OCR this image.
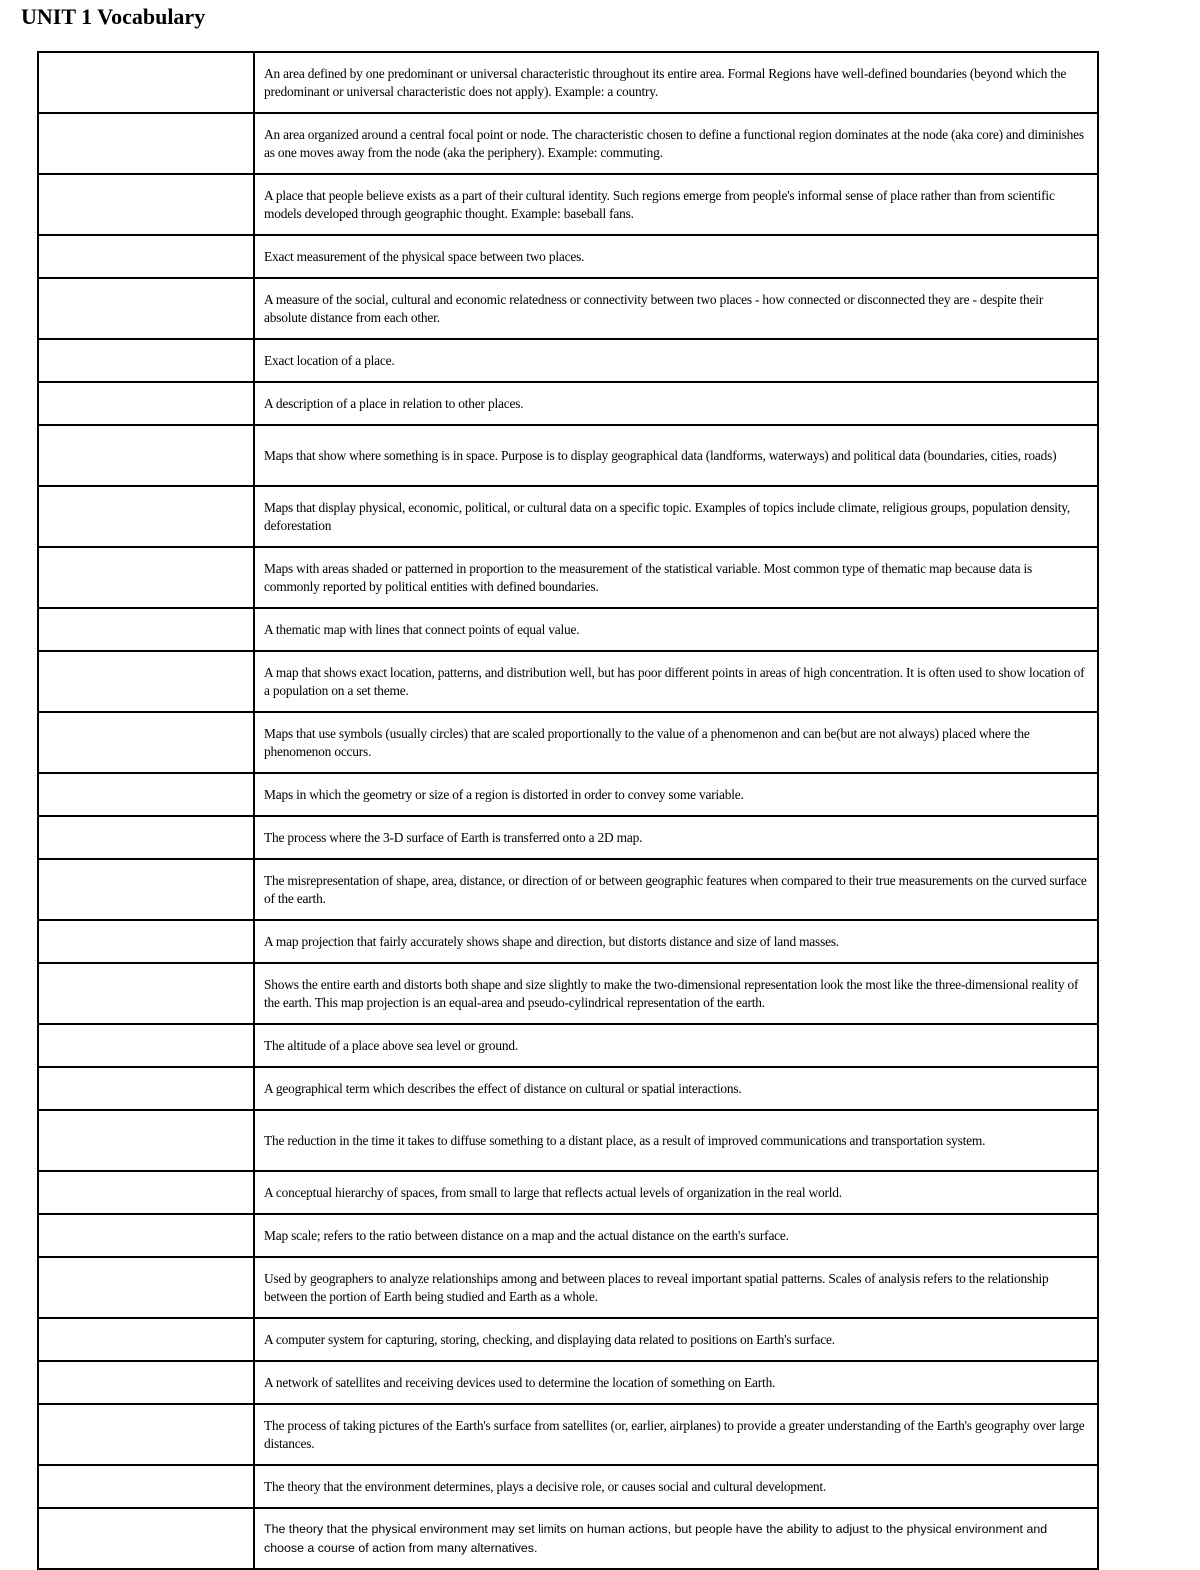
UNIT 1 Vocabulary
	An area defined by one predominant or universal characteristic throughout its entire area. Formal Regions have well-defined boundaries (beyond which the predominant or universal characteristic does not apply). Example: a country.
	An area organized around a central focal point or node. The characteristic chosen to define a functional region dominates at the node (aka core) and diminishes as one moves away from the node (aka the periphery). Example: commuting.
	A place that people believe exists as a part of their cultural identity. Such regions emerge from people's informal sense of place rather than from scientific models developed through geographic thought. Example: baseball fans.
	Exact measurement of the physical space between two places.
	A measure of the social, cultural and economic relatedness or connectivity between two places - how connected or disconnected they are - despite their absolute distance from each other.
	Exact location of a place.
	A description of a place in relation to other places.
	Maps that show where something is in space. Purpose is to display geographical data (landforms, waterways) and political data (boundaries, cities, roads)
	Maps that display physical, economic, political, or cultural data on a specific topic. Examples of topics include climate, religious groups, population density, deforestation
	Maps with areas shaded or patterned in proportion to the measurement of the statistical variable. Most common type of thematic map because data is commonly reported by political entities with defined boundaries.
	A thematic map with lines that connect points of equal value.
	A map that shows exact location, patterns, and distribution well, but has poor different points in areas of high concentration. It is often used to show location of a population on a set theme.
	Maps that use symbols (usually circles) that are scaled proportionally to the value of a phenomenon and can be(but are not always) placed where the phenomenon occurs.
	Maps in which the geometry or size of a region is distorted in order to convey some variable.
	The process where the 3-D surface of Earth is transferred onto a 2D map.
	The misrepresentation of shape, area, distance, or direction of or between geographic features when compared to their true measurements on the curved surface of the earth.
	A map projection that fairly accurately shows shape and direction, but distorts distance and size of land masses.
	Shows the entire earth and distorts both shape and size slightly to make the two-dimensional representation look the most like the three-dimensional reality of the earth. This map projection is an equal-area and pseudo-cylindrical representation of the earth.
	The altitude of a place above sea level or ground.
	A geographical term which describes the effect of distance on cultural or spatial interactions.
	The reduction in the time it takes to diffuse something to a distant place, as a result of improved communications and transportation system.
	A conceptual hierarchy of spaces, from small to large that reflects actual levels of organization in the real world.
	Map scale; refers to the ratio between distance on a map and the actual distance on the earth's surface.
	Used by geographers to analyze relationships among and between places to reveal important spatial patterns. Scales of analysis refers to the relationship between the portion of Earth being studied and Earth as a whole.
	A computer system for capturing, storing, checking, and displaying data related to positions on Earth's surface.
	A network of satellites and receiving devices used to determine the location of something on Earth.
	The process of taking pictures of the Earth's surface from satellites (or, earlier, airplanes) to provide a greater understanding of the Earth's geography over large distances.
	The theory that the environment determines, plays a decisive role, or causes social and cultural development.
	The theory that the physical environment may set limits on human actions, but people have the ability to adjust to the physical environment and choose a course of action from many alternatives.
